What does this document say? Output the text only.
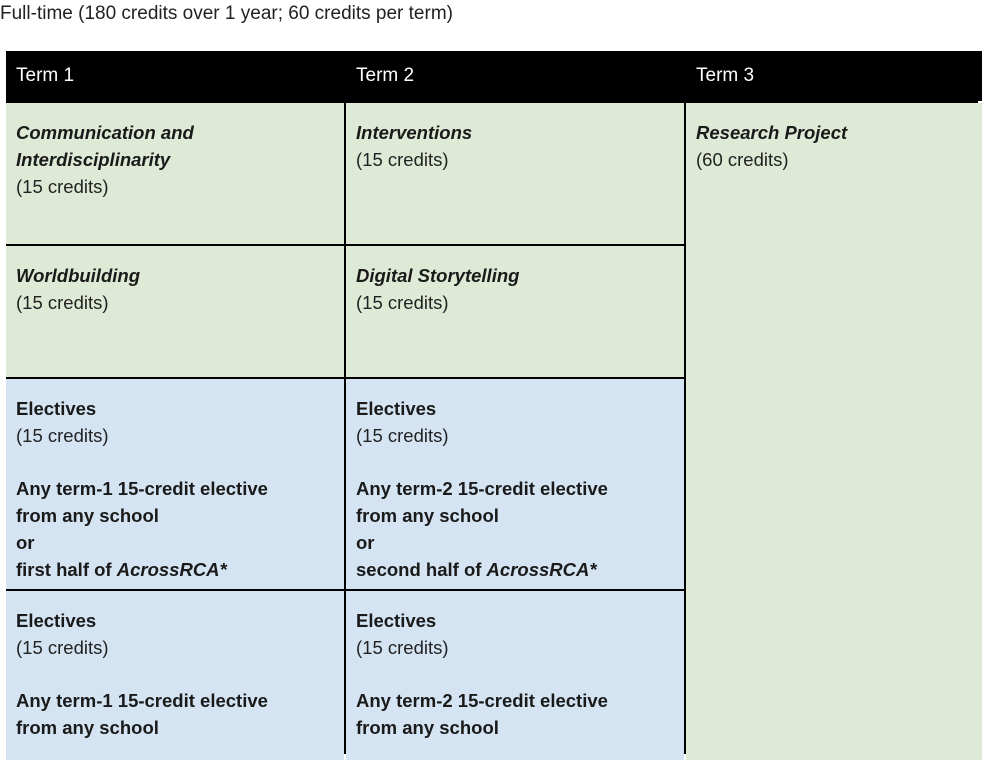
Full-time (180 credits over 1 year; 60 credits per term)
Term 1	Term 2	Term 3
Communication and Interdisciplinarity
(15 credits)
Interventions
(15 credits)
Research Project
(60 credits)
Worldbuilding
(15 credits)
Digital Storytelling
(15 credits)
Electives
(15 credits)
Any term-1 15-credit elective
from any school
or
first half of AcrossRCA*
Electives
(15 credits)
Any term-2 15-credit elective
from any school
or
second half of AcrossRCA*
Electives
(15 credits)
Any term-1 15-credit elective
from any school
Electives
(15 credits)
Any term-2 15-credit elective
from any school
